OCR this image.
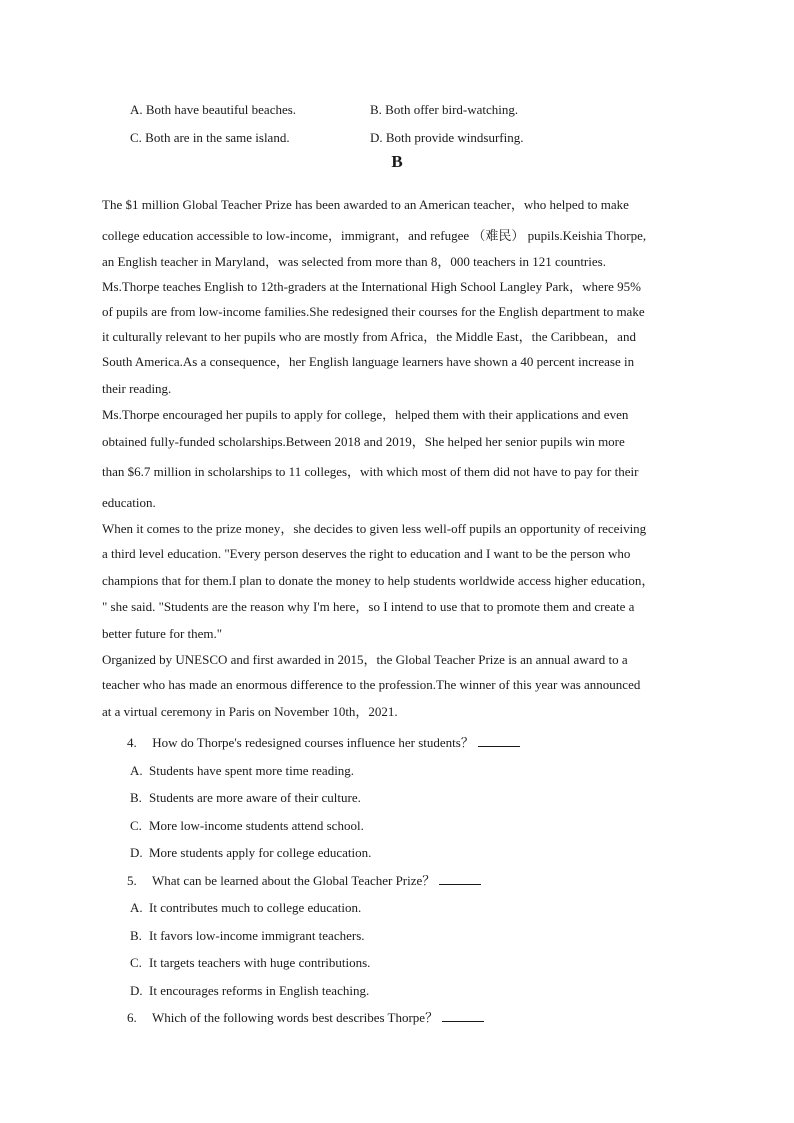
A. Both have beautiful beaches.	B. Both offer bird-watching.
C. Both are in the same island.	D. Both provide windsurfing.
B
The $1 million Global Teacher Prize has been awarded to an American teacher，who helped to make
college education accessible to low-income，immigrant，and refugee （难民） pupils.Keishia Thorpe,
an English teacher in Maryland，was selected from more than 8，000 teachers in 121 countries.
Ms.Thorpe teaches English to 12th-graders at the International High School Langley Park，where 95%
of pupils are from low-income families.She redesigned their courses for the English department to make
it culturally relevant to her pupils who are mostly from Africa，the Middle East，the Caribbean，and
South America.As a consequence，her English language learners have shown a 40 percent increase in
their reading.
Ms.Thorpe encouraged her pupils to apply for college，helped them with their applications and even
obtained fully-funded scholarships.Between 2018 and 2019，She helped her senior pupils win more
than $6.7 million in scholarships to 11 colleges，with which most of them did not have to pay for their
education.
When it comes to the prize money，she decides to given less well-off pupils an opportunity of receiving
a third level education. "Every person deserves the right to education and I want to be the person who
champions that for them.I plan to donate the money to help students worldwide access higher education，
" she said. "Students are the reason why I'm here，so I intend to use that to promote them and create a
better future for them."
Organized by UNESCO and first awarded in 2015，the Global Teacher Prize is an annual award to a
teacher who has made an enormous difference to the profession.The winner of this year was announced
at a virtual ceremony in Paris on November 10th，2021.
4. How do Thorpe's redesigned courses influence her students？
A. Students have spent more time reading.
B. Students are more aware of their culture.
C. More low-income students attend school.
D. More students apply for college education.
5. What can be learned about the Global Teacher Prize？
A. It contributes much to college education.
B. It favors low-income immigrant teachers.
C. It targets teachers with huge contributions.
D. It encourages reforms in English teaching.
6. Which of the following words best describes Thorpe？
